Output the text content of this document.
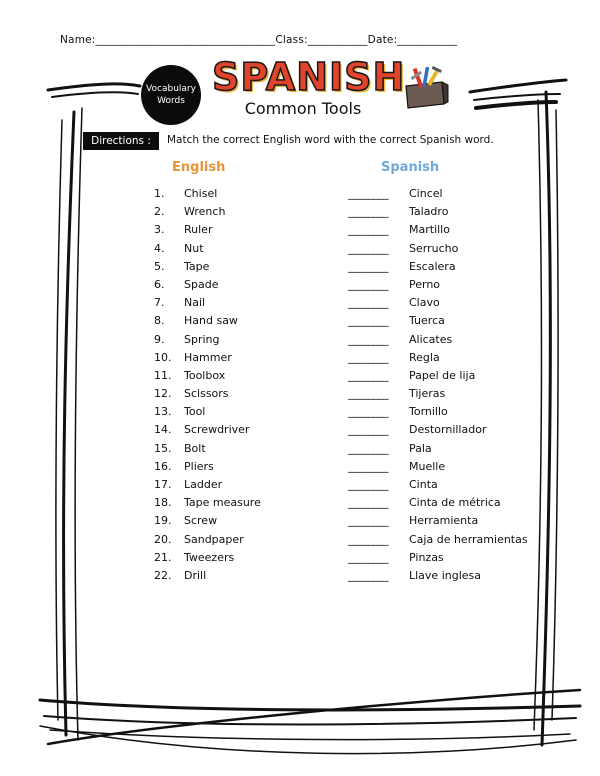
Name:_________________________________Class:___________Date:___________
Vocabulary
Words
SPANISH
Common Tools
Directions :	Match the correct English word with the correct Spanish word.
English	Spanish
1. Chisel	________ Cincel
2. Wrench	________ Taladro
3. Ruler	________ Martillo
4. Nut	________ Serrucho
5. Tape	________ Escalera
6. Spade	________ Perno
7. Nail	________ Clavo
8. Hand saw	________ Tuerca
9. Spring	________ Alicates
10. Hammer	________ Regla
11. Toolbox	________ Papel de lija
12. Scissors	________ Tijeras
13. Tool	________ Tornillo
14. Screwdriver	________ Destornillador
15. Bolt	________ Pala
16. Pliers	________ Muelle
17. Ladder	________ Cinta
18. Tape measure	________ Cinta de métrica
19. Screw	________ Herramienta
20. Sandpaper	________ Caja de herramientas
21. Tweezers	________ Pinzas
22. Drill	________ Llave inglesa
